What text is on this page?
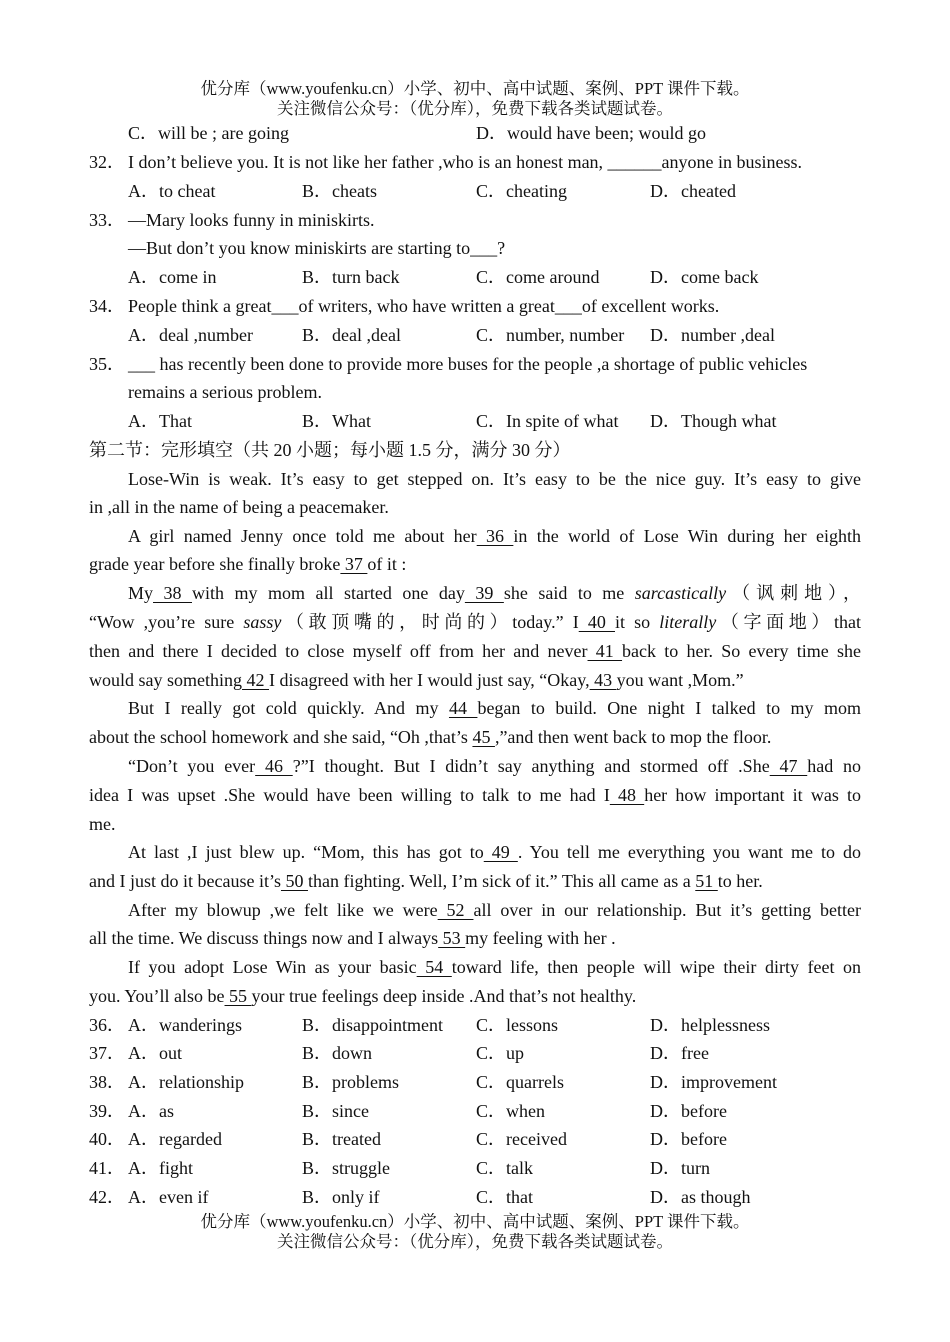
优分库（www.youfenku.cn）小学、初中、高中试题、案例、PPT 课件下载。
关注微信公众号：（优分库），免费下载各类试题试卷。
C．will be ; are going	D．would have been; would go
32． I don’t believe you. It is not like her father ,who is an honest man, ______anyone in business.
A．to cheat	B．cheats	C．cheating	D．cheated
33． —Mary looks funny in miniskirts.
—But don’t you know miniskirts are starting to___?
A．come in	B．turn back	C．come around	D．come back
34． People think a great___of writers, who have written a great___of excellent works.
A．deal ,number	B．deal ,deal	C．number, number D．number ,deal
35． ___ has recently been done to provide more buses for the people ,a shortage of public vehicles
remains a serious problem.
A．That	B．What	C．In spite of what D．Though what
第二节：完形填空（共 20 小题；每小题 1.5 分，满分 30 分）
Lose-Win is weak. It’s easy to get stepped on. It’s easy to be the nice guy. It’s easy to give
in ,all in the name of being a peacemaker.
A girl named Jenny once told me about her 36 in the world of Lose Win during her eighth
grade year before she finally broke 37 of it :
My 38 with my mom all started one day 39 she said to me sarcastically（讽刺地），
“Wow ,you’re sure sassy（敢顶嘴的，时尚的）today.” I 40 it so literally（字面地）that
then and there I decided to close myself off from her and never 41 back to her. So every time she
would say something 42 I disagreed with her I would just say, “Okay, 43 you want ,Mom.”
But I really got cold quickly. And my 44 began to build. One night I talked to my mom
about the school homework and she said, “Oh ,that’s 45 ,”and then went back to mop the floor.
“Don’t you ever 46 ?”I thought. But I didn’t say anything and stormed off .She 47 had no
idea I was upset .She would have been willing to talk to me had I 48 her how important it was to
me.
At last ,I just blew up. “Mom, this has got to 49 . You tell me everything you want me to do
and I just do it because it’s 50 than fighting. Well, I’m sick of it.” This all came as a 51 to her.
After my blowup ,we felt like we were 52 all over in our relationship. But it’s getting better
all the time. We discuss things now and I always 53 my feeling with her .
If you adopt Lose Win as your basic 54 toward life, then people will wipe their dirty feet on
you. You’ll also be 55 your true feelings deep inside .And that’s not healthy.
36． A．wanderings	B．disappointment C．lessons	D．helplessness
37． A．out	B．down	C．up	D．free
38． A．relationship	B．problems	C．quarrels	D．improvement
39． A．as	B．since	C．when	D．before
40． A．regarded	B．treated	C．received	D．before
41． A．fight	B．struggle	C．talk	D．turn
42． A．even if	B．only if	C．that	D．as though
优分库（www.youfenku.cn）小学、初中、高中试题、案例、PPT 课件下载。
关注微信公众号：（优分库），免费下载各类试题试卷。
